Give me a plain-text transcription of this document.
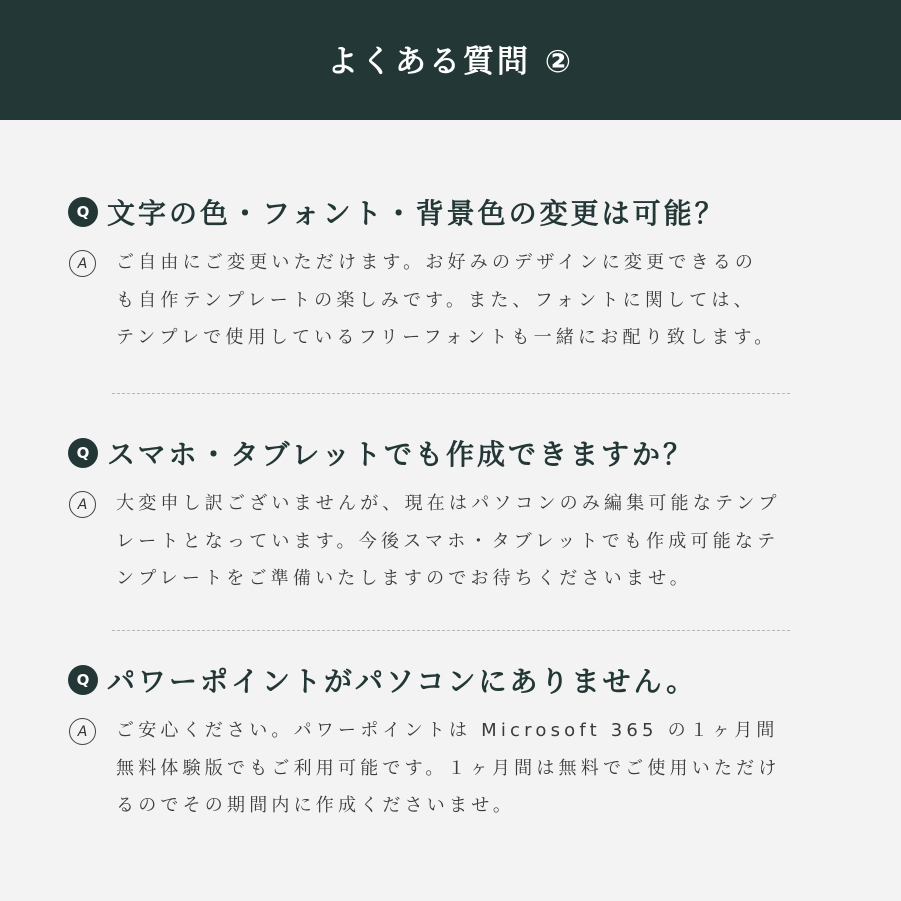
よくある質問 ②
Q 文字の色・フォント・背景色の変更は可能？
A	ご自由にご変更いただけます。お好みのデザインに変更できるの
も自作テンプレートの楽しみです。また、フォントに関しては、
テンプレで使用しているフリーフォントも一緒にお配り致します。
Q スマホ・タブレットでも作成できますか？
A	大変申し訳ございませんが、現在はパソコンのみ編集可能なテンプ
レートとなっています。今後スマホ・タブレットでも作成可能なテ
ンプレートをご準備いたしますのでお待ちくださいませ。
Q パワーポイントがパソコンにありません。
A	ご安心ください。パワーポイントは Microsoft 365 の１ヶ月間
無料体験版でもご利用可能です。１ヶ月間は無料でご使用いただけ
るのでその期間内に作成くださいませ。
